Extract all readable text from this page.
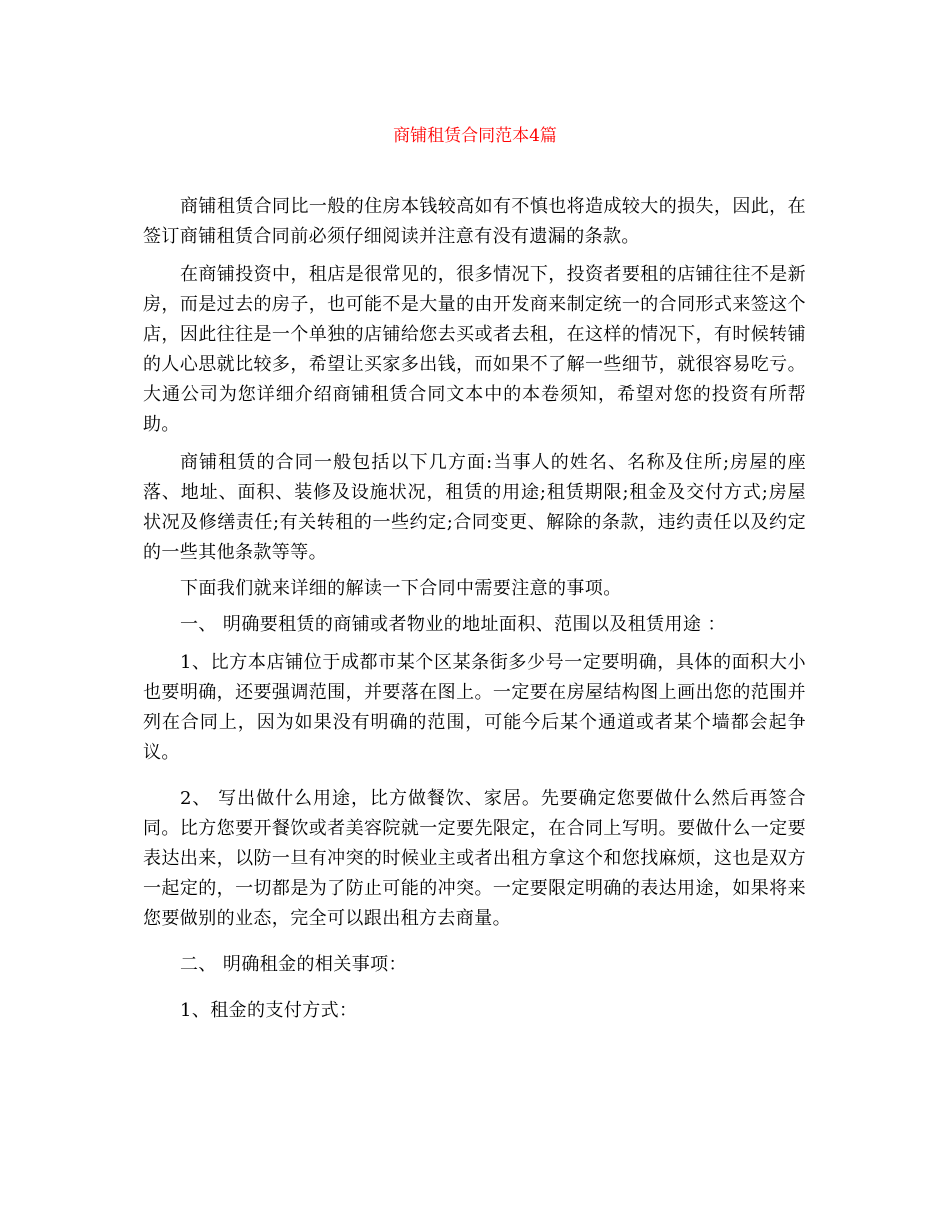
商铺租赁合同范本4篇

商铺租赁合同比一般的住房本钱较高如有不慎也将造成较大的损失，因此，在签订商铺租赁合同前必须仔细阅读并注意有没有遗漏的条款。

在商铺投资中，租店是很常见的，很多情况下，投资者要租的店铺往往不是新房，而是过去的房子，也可能不是大量的由开发商来制定统一的合同形式来签这个店，因此往往是一个单独的店铺给您去买或者去租，在这样的情况下，有时候转铺的人心思就比较多，希望让买家多出钱，而如果不了解一些细节，就很容易吃亏。大通公司为您详细介绍商铺租赁合同文本中的本卷须知，希望对您的投资有所帮助。

商铺租赁的合同一般包括以下几方面:当事人的姓名、名称及住所;房屋的座落、地址、面积、装修及设施状况，租赁的用途;租赁期限;租金及交付方式;房屋状况及修缮责任;有关转租的一些约定;合同变更、解除的条款，违约责任以及约定的一些其他条款等等。

下面我们就来详细的解读一下合同中需要注意的事项。

一、 明确要租赁的商铺或者物业的地址面积、范围以及租赁用途 ：

1、比方本店铺位于成都市某个区某条街多少号一定要明确，具体的面积大小也要明确，还要强调范围，并要落在图上。一定要在房屋结构图上画出您的范围并列在合同上，因为如果没有明确的范围，可能今后某个通道或者某个墙都会起争议。

2、 写出做什么用途，比方做餐饮、家居。先要确定您要做什么然后再签合同。比方您要开餐饮或者美容院就一定要先限定，在合同上写明。要做什么一定要表达出来，以防一旦有冲突的时候业主或者出租方拿这个和您找麻烦，这也是双方一起定的，一切都是为了防止可能的冲突。一定要限定明确的表达用途，如果将来您要做别的业态，完全可以跟出租方去商量。

二、 明确租金的相关事项：

1、租金的支付方式：
